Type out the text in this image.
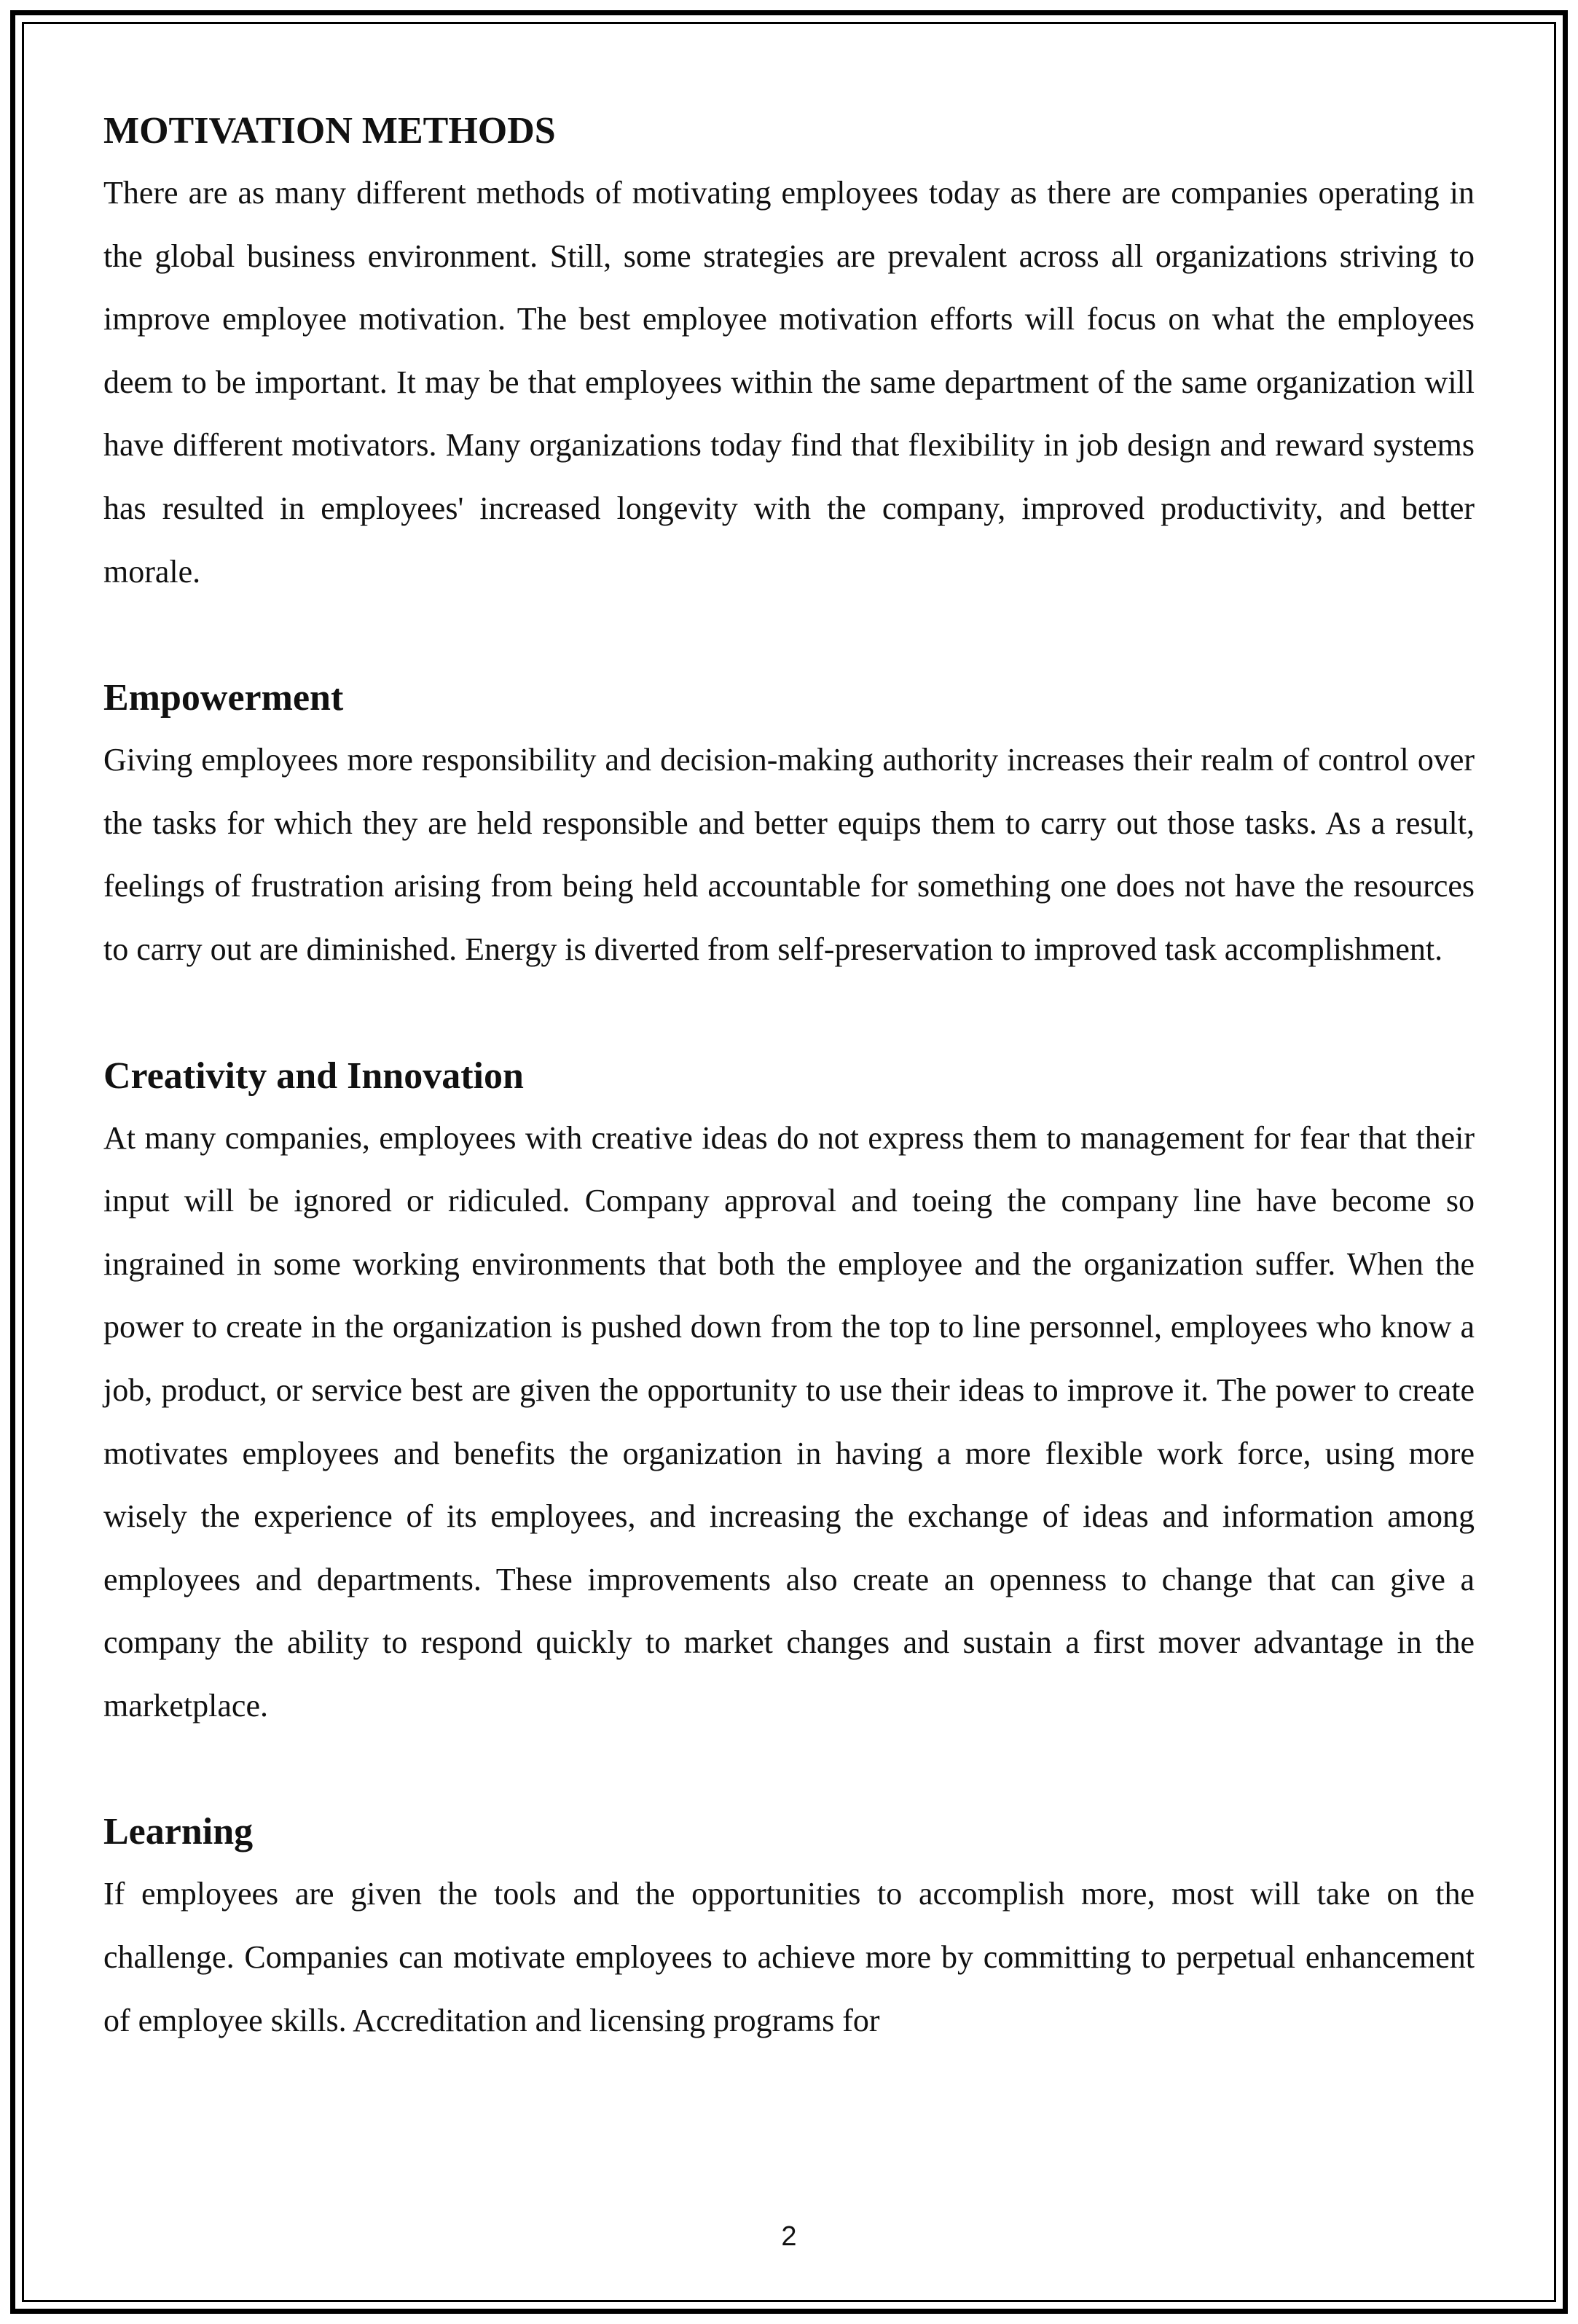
MOTIVATION METHODS

There are as many different methods of motivating employees today as there are companies operating in the global business environment. Still, some strategies are prevalent across all organizations striving to improve employee motivation. The best employee motivation efforts will focus on what the employees deem to be important. It may be that employees within the same department of the same organization will have different motivators. Many organizations today find that flexibility in job design and reward systems has resulted in employees' increased longevity with the company, improved productivity, and better morale.

Empowerment

Giving employees more responsibility and decision-making authority increases their realm of control over the tasks for which they are held responsible and better equips them to carry out those tasks. As a result, feelings of frustration arising from being held accountable for something one does not have the resources to carry out are diminished. Energy is diverted from self-preservation to improved task accomplishment.

Creativity and Innovation

At many companies, employees with creative ideas do not express them to management for fear that their input will be ignored or ridiculed. Company approval and toeing the company line have become so ingrained in some working environments that both the employee and the organization suffer. When the power to create in the organization is pushed down from the top to line personnel, employees who know a job, product, or service best are given the opportunity to use their ideas to improve it. The power to create motivates employees and benefits the organization in having a more flexible work force, using more wisely the experience of its employees, and increasing the exchange of ideas and information among employees and departments. These improvements also create an openness to change that can give a company the ability to respond quickly to market changes and sustain a first mover advantage in the marketplace.

Learning

If employees are given the tools and the opportunities to accomplish more, most will take on the challenge. Companies can motivate employees to achieve more by committing to perpetual enhancement of employee skills. Accreditation and licensing programs for

2
